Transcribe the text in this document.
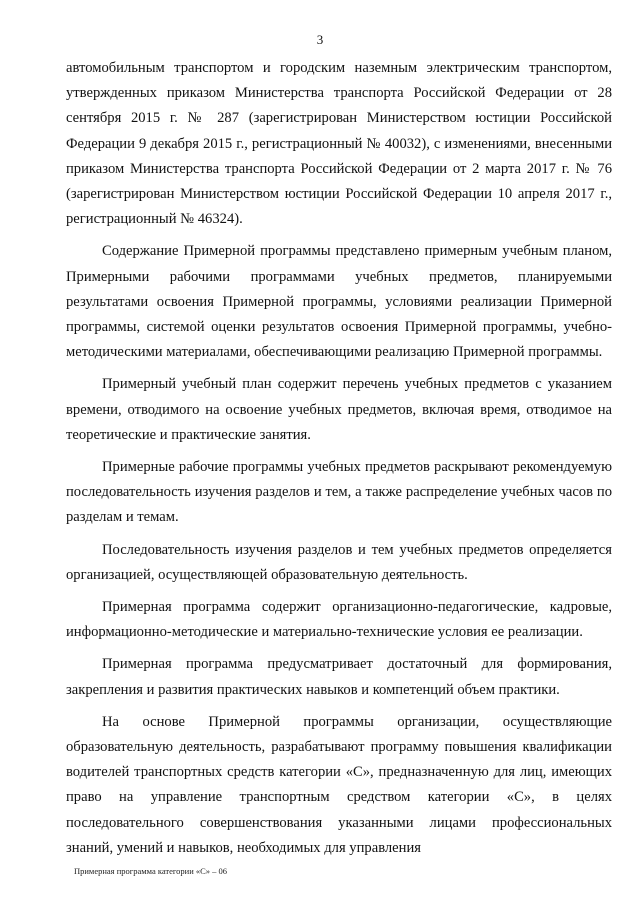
3

автомобильным транспортом и городским наземным электрическим транспортом, утвержденных приказом Министерства транспорта Российской Федерации от 28 сентября 2015 г. № 287 (зарегистрирован Министерством юстиции Российской Федерации 9 декабря 2015 г., регистрационный № 40032), с изменениями, внесенными приказом Министерства транспорта Российской Федерации от 2 марта 2017 г. № 76 (зарегистрирован Министерством юстиции Российской Федерации 10 апреля 2017 г., регистрационный № 46324).

Содержание Примерной программы представлено примерным учебным планом, Примерными рабочими программами учебных предметов, планируемыми результатами освоения Примерной программы, условиями реализации Примерной программы, системой оценки результатов освоения Примерной программы, учебно-методическими материалами, обеспечивающими реализацию Примерной программы.

Примерный учебный план содержит перечень учебных предметов с указанием времени, отводимого на освоение учебных предметов, включая время, отводимое на теоретические и практические занятия.

Примерные рабочие программы учебных предметов раскрывают рекомендуемую последовательность изучения разделов и тем, а также распределение учебных часов по разделам и темам.

Последовательность изучения разделов и тем учебных предметов определяется организацией, осуществляющей образовательную деятельность.

Примерная программа содержит организационно-педагогические, кадровые, информационно-методические и материально-технические условия ее реализации.

Примерная программа предусматривает достаточный для формирования, закрепления и развития практических навыков и компетенций объем практики.

На основе Примерной программы организации, осуществляющие образовательную деятельность, разрабатывают программу повышения квалификации водителей транспортных средств категории «С», предназначенную для лиц, имеющих право на управление транспортным средством категории «С», в целях последовательного совершенствования указанными лицами профессиональных знаний, умений и навыков, необходимых для управления

Примерная программа категории «С» – 06
